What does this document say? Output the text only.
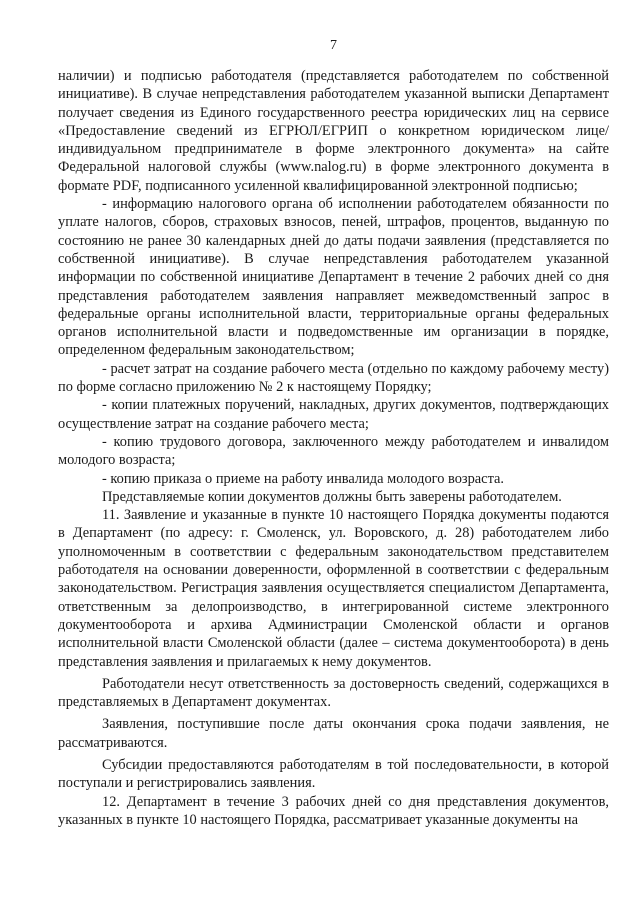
7

наличии) и подписью работодателя (представляется работодателем по собственной инициативе). В случае непредставления работодателем указанной выписки Департамент получает сведения из Единого государственного реестра юридических лиц на сервисе «Предоставление сведений из ЕГРЮЛ/ЕГРИП о конкретном юридическом лице/индивидуальном предпринимателе в форме электронного документа» на сайте Федеральной налоговой службы (www.nalog.ru) в форме электронного документа в формате PDF, подписанного усиленной квалифицированной электронной подписью;

- информацию налогового органа об исполнении работодателем обязанности по уплате налогов, сборов, страховых взносов, пеней, штрафов, процентов, выданную по состоянию не ранее 30 календарных дней до даты подачи заявления (представляется по собственной инициативе). В случае непредставления работодателем указанной информации по собственной инициативе Департамент в течение 2 рабочих дней со дня представления работодателем заявления направляет межведомственный запрос в федеральные органы исполнительной власти, территориальные органы федеральных органов исполнительной власти и подведомственные им организации в порядке, определенном федеральным законодательством;

- расчет затрат на создание рабочего места (отдельно по каждому рабочему месту) по форме согласно приложению № 2 к настоящему Порядку;

- копии платежных поручений, накладных, других документов, подтверждающих осуществление затрат на создание рабочего места;

- копию трудового договора, заключенного между работодателем и инвалидом молодого возраста;

- копию приказа о приеме на работу инвалида молодого возраста.

Представляемые копии документов должны быть заверены работодателем.

11. Заявление и указанные в пункте 10 настоящего Порядка документы подаются в Департамент (по адресу: г. Смоленск, ул. Воровского, д. 28) работодателем либо уполномоченным в соответствии с федеральным законодательством представителем работодателя на основании доверенности, оформленной в соответствии с федеральным законодательством. Регистрация заявления осуществляется специалистом Департамента, ответственным за делопроизводство, в интегрированной системе электронного документооборота и архива Администрации Смоленской области и органов исполнительной власти Смоленской области (далее – система документооборота) в день представления заявления и прилагаемых к нему документов.

Работодатели несут ответственность за достоверность сведений, содержащихся в представляемых в Департамент документах.

Заявления, поступившие после даты окончания срока подачи заявления, не рассматриваются.

Субсидии предоставляются работодателям в той последовательности, в которой поступали и регистрировались заявления.

12. Департамент в течение 3 рабочих дней со дня представления документов, указанных в пункте 10 настоящего Порядка, рассматривает указанные документы на
